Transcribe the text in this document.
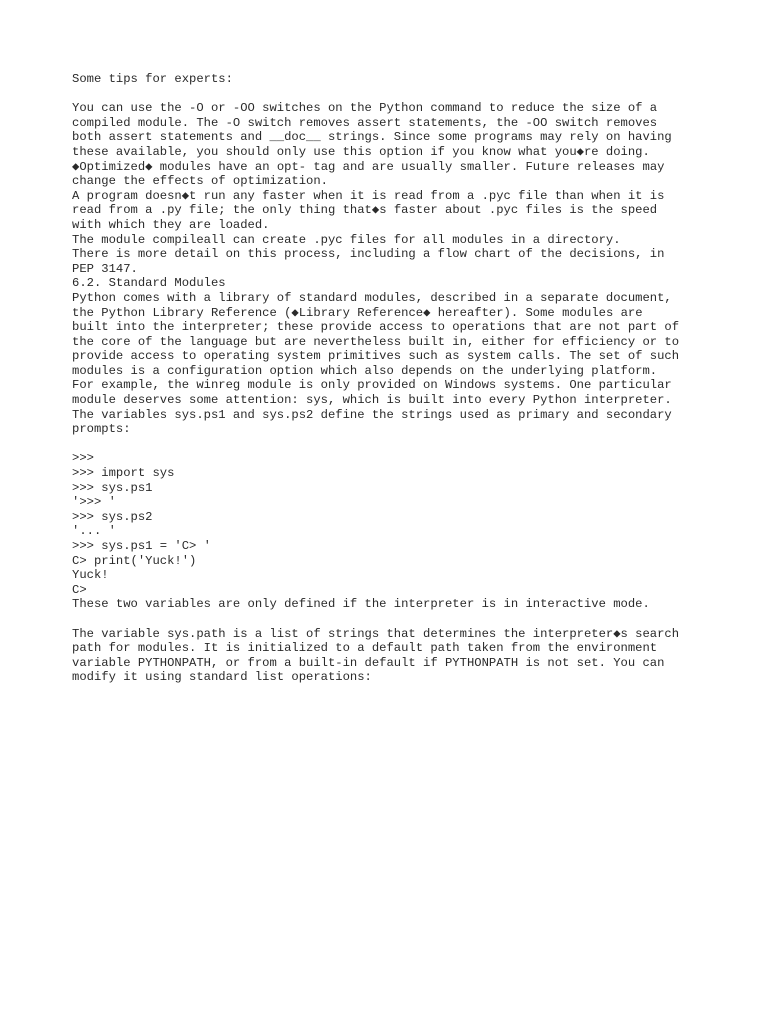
Some tips for experts:
You can use the -O or -OO switches on the Python command to reduce the size of a
compiled module. The -O switch removes assert statements, the -OO switch removes
both assert statements and __doc__ strings. Since some programs may rely on having
these available, you should only use this option if you know what you◆re doing.
◆Optimized◆ modules have an opt- tag and are usually smaller. Future releases may
change the effects of optimization.
A program doesn◆t run any faster when it is read from a .pyc file than when it is
read from a .py file; the only thing that◆s faster about .pyc files is the speed
with which they are loaded.
The module compileall can create .pyc files for all modules in a directory.
There is more detail on this process, including a flow chart of the decisions, in
PEP 3147.
6.2. Standard Modules
Python comes with a library of standard modules, described in a separate document,
the Python Library Reference (◆Library Reference◆ hereafter). Some modules are
built into the interpreter; these provide access to operations that are not part of
the core of the language but are nevertheless built in, either for efficiency or to
provide access to operating system primitives such as system calls. The set of such
modules is a configuration option which also depends on the underlying platform.
For example, the winreg module is only provided on Windows systems. One particular
module deserves some attention: sys, which is built into every Python interpreter.
The variables sys.ps1 and sys.ps2 define the strings used as primary and secondary
prompts:
>>>
>>> import sys
>>> sys.ps1
'>>> '
>>> sys.ps2
'... '
>>> sys.ps1 = 'C> '
C> print('Yuck!')
Yuck!
C>
These two variables are only defined if the interpreter is in interactive mode.
The variable sys.path is a list of strings that determines the interpreter◆s search
path for modules. It is initialized to a default path taken from the environment
variable PYTHONPATH, or from a built-in default if PYTHONPATH is not set. You can
modify it using standard list operations:
